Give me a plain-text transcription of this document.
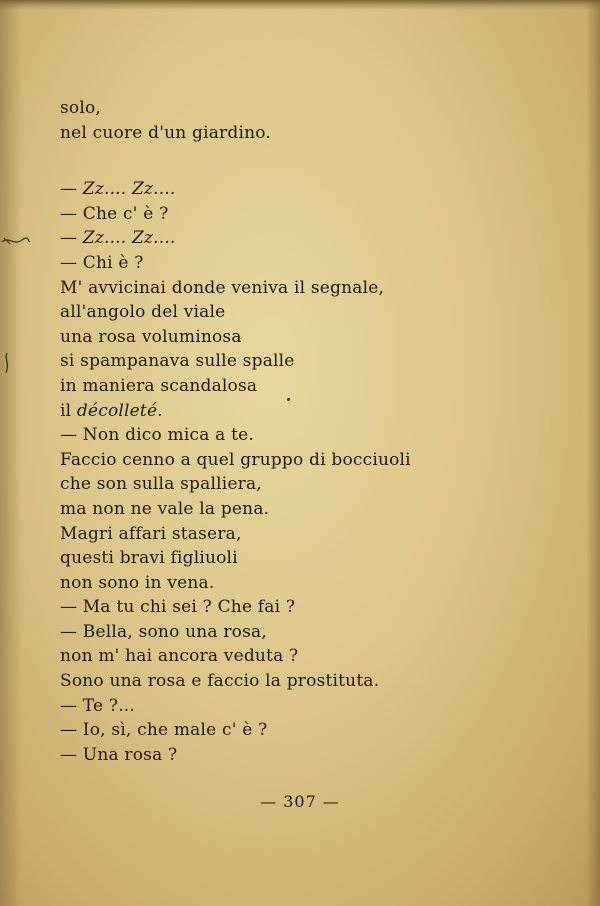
solo,
nel cuore d'un giardino.
— Zz.... Zz....
— Che c' è ?
— Zz.... Zz....
— Chi è ?
M' avvicinai donde veniva il segnale,
all'angolo del viale
una rosa voluminosa
si spampanava sulle spalle
in maniera scandalosa
il décolleté.
— Non dico mica a te.
Faccio cenno a quel gruppo di bocciuoli
che son sulla spalliera,
ma non ne vale la pena.
Magri affari stasera,
questi bravi figliuoli
non sono in vena.
— Ma tu chi sei ? Che fai ?
— Bella, sono una rosa,
non m' hai ancora veduta ?
Sono una rosa e faccio la prostituta.
— Te ?...
— Io, sì, che male c' è ?
— Una rosa ?
— 307 —
